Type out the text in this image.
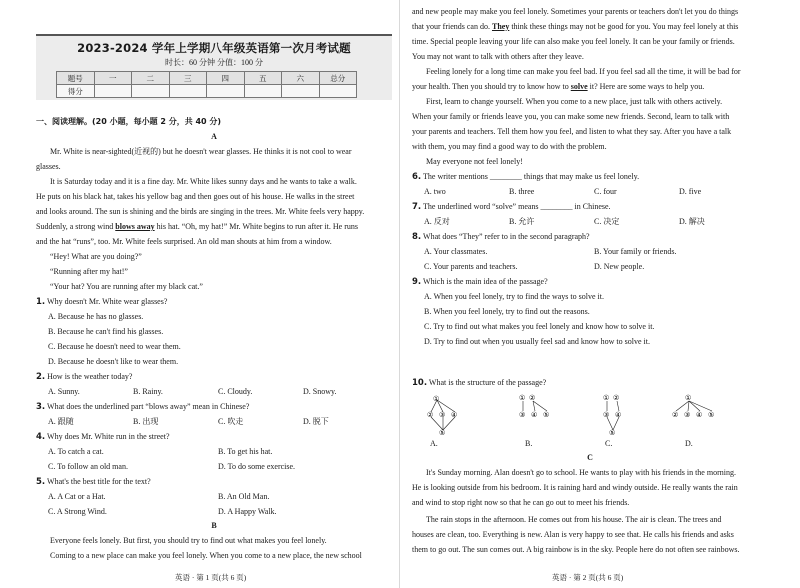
2023-2024 学年上学期八年级英语第一次月考试题
时长：60 分钟 分值：100 分
题号	一	二	三	四	五	六	总分
得分							
一、阅读理解。(20 小题，每小题 2 分，共 40 分)
A
Mr. White is near-sighted(近视的) but he doesn't wear glasses. He thinks it is not cool to wear
glasses.
It is Saturday today and it is a fine day. Mr. White likes sunny days and he wants to take a walk.
He puts on his black hat, takes his yellow bag and then goes out of his house. He walks in the street
and looks around. The sun is shining and the birds are singing in the trees. Mr. White feels very happy.
Suddenly, a strong wind blows away his hat. “Oh, my hat!” Mr. White begins to run after it. He runs
and the hat “runs”, too. Mr. White feels surprised. An old man shouts at him from a window.
“Hey! What are you doing?”
“Running after my hat!”
“Your hat? You are running after my black cat.”
1. Why doesn't Mr. White wear glasses?
A. Because he has no glasses.
B. Because he can't find his glasses.
C. Because he doesn't need to wear them.
D. Because he doesn't like to wear them.
2. How is the weather today?
A. Sunny.	B. Rainy.	C. Cloudy.	D. Snowy.
3. What does the underlined part “blows away” mean in Chinese?
A. 跟随	B. 出现	C. 吹走	D. 脱下
4. Why does Mr. White run in the street?
A. To catch a cat.	B. To get his hat.
C. To follow an old man.	D. To do some exercise.
5. What's the best title for the text?
A. A Cat or a Hat.	B. An Old Man.
C. A Strong Wind.	D. A Happy Walk.
B
Everyone feels lonely. But first, you should try to find out what makes you feel lonely.
Coming to a new place can make you feel lonely. When you come to a new place, the new school
英语 · 第 1 页(共 6 页)
and new people may make you feel lonely. Sometimes your parents or teachers don't let you do things
that your friends can do. They think these things may not be good for you. You may feel lonely at this
time. Special people leaving your life can also make you feel lonely. It can be your family or friends.
You may not want to talk with others after they leave.
Feeling lonely for a long time can make you feel bad. If you feel sad all the time, it will be bad for
your health. Then you should try to know how to solve it? Here are some ways to help you.
First, learn to change yourself. When you come to a new place, just talk with others actively.
When your family or friends leave you, you can make some new friends. Second, learn to talk with
your parents and teachers. Tell them how you feel, and listen to what they say. After you have a talk
with them, you may find a good way to do with the problem.
May everyone not feel lonely!
6. The writer mentions ________ things that may make us feel lonely.
A. two	B. three	C. four	D. five
7. The underlined word “solve” means ________ in Chinese.
A. 反对	B. 允许	C. 决定	D. 解决
8. What does “They” refer to in the second paragraph?
A. Your classmates.	B. Your family or friends.
C. Your parents and teachers.	D. New people.
9. Which is the main idea of the passage?
A. When you feel lonely, try to find the ways to solve it.
B. When you feel lonely, try to find out the reasons.
C. Try to find out what makes you feel lonely and know how to solve it.
D. Try to find out when you usually feel sad and know how to solve it.
10. What is the structure of the passage?
①
② ③ ④
⑤
① ②
③ ④ ⑤
① ②
③ ④
⑤
①
② ③ ④ ⑤
A.	B.	C.	D.
C
It's Sunday morning. Alan doesn't go to school. He wants to play with his friends in the morning.
He is looking outside from his bedroom. It is raining hard and windy outside. He really wants the rain
and wind to stop right now so that he can go out to meet his friends.
The rain stops in the afternoon. He comes out from his house. The air is clean. The trees and
houses are clean, too. Everything is new. Alan is very happy to see that. He calls his friends and asks
them to go out. The sun comes out. A big rainbow is in the sky. People here do not often see rainbows.
英语 · 第 2 页(共 6 页)
